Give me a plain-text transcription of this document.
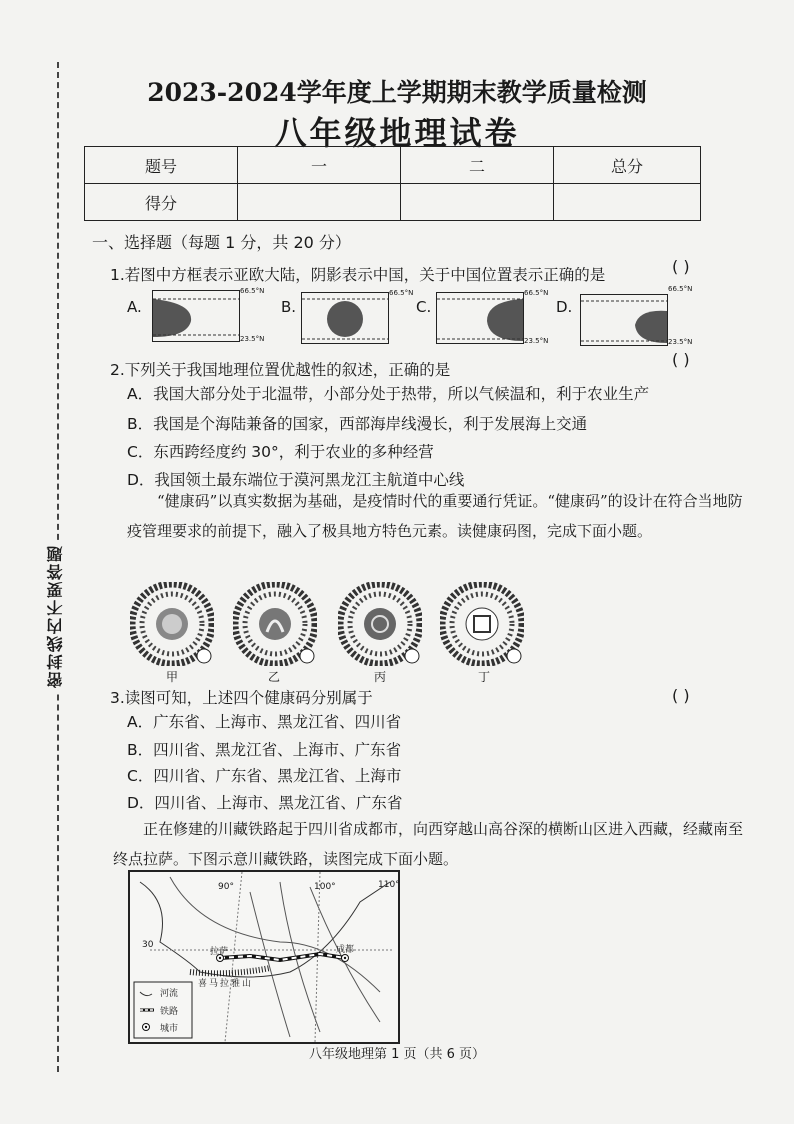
密封线内不要答题
2023-2024学年度上学期期末教学质量检测
八年级地理试卷
题号	一	二	总分
得分			
一、选择题（每题 1 分，共 20 分）
1.若图中方框表示亚欧大陆，阴影表示中国，关于中国位置表示正确的是	( )
A.
66.5°N
23.5°N
B.
66.5°N
C.
66.5°N
23.5°N
D.
66.5°N
23.5°N
2.下列关于我国地理位置优越性的叙述，正确的是
( )
A．我国大部分处于北温带，小部分处于热带，所以气候温和，利于农业生产
B．我国是个海陆兼备的国家，西部海岸线漫长，利于发展海上交通
C．东西跨经度约 30°，利于农业的多种经营
D．我国领土最东端位于漠河黑龙江主航道中心线
“健康码”以真实数据为基础，是疫情时代的重要通行凭证。“健康码”的设计在符合当地防疫管理要求的前提下，融入了极具地方特色元素。读健康码图，完成下面小题。
甲	乙	丙	丁
3.读图可知，上述四个健康码分别属于	( )
A．广东省、上海市、黑龙江省、四川省
B．四川省、黑龙江省、上海市、广东省
C．四川省、广东省、黑龙江省、上海市
D．四川省、上海市、黑龙江省、广东省
正在修建的川藏铁路起于四川省成都市，向西穿越山高谷深的横断山区进入西藏，经藏南至终点拉萨。下图示意川藏铁路，读图完成下面小题。
90°	100°	110°
30
拉萨	成都
喜马拉雅山
河流
铁路
城市
八年级地理第 1 页（共 6 页）
